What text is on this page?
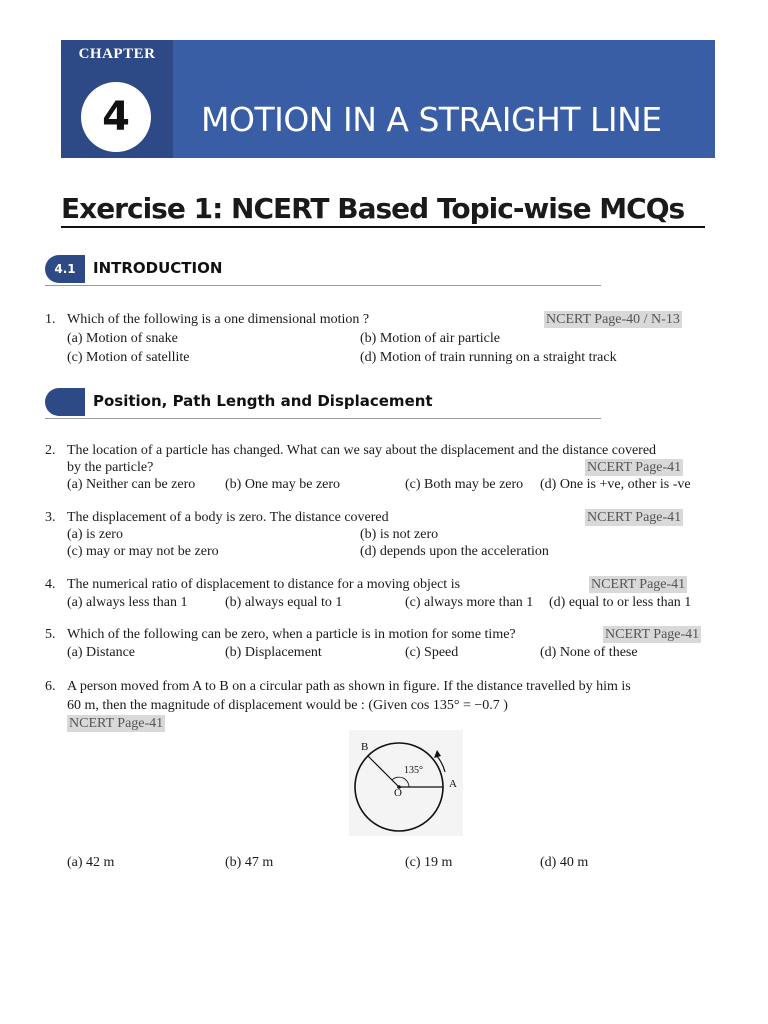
CHAPTER
4 MOTION IN A STRAIGHT LINE
Exercise 1: NCERT Based Topic-wise MCQs
4.1	INTRODUCTION
1. Which of the following is a one dimensional motion ?	NCERT Page-40 / N-13
(a) Motion of snake	(b) Motion of air particle
(c) Motion of satellite	(d) Motion of train running on a straight track
Position, Path Length and Displacement
2. The location of a particle has changed. What can we say about the displacement and the distance covered
by the particle?	NCERT Page-41
(a) Neither can be zero (b) One may be zero	(c) Both may be zero (d) One is +ve, other is -ve
3. The displacement of a body is zero. The distance covered	NCERT Page-41
(a) is zero	(b) is not zero
(c) may or may not be zero	(d) depends upon the acceleration
4. The numerical ratio of displacement to distance for a moving object is	NCERT Page-41
(a) always less than 1	(b) always equal to 1	(c) always more than 1 (d) equal to or less than 1
5. Which of the following can be zero, when a particle is in motion for some time?	NCERT Page-41
(a) Distance	(b) Displacement	(c) Speed	(d) None of these
6. A person moved from A to B on a circular path as shown in figure. If the distance travelled by him is
60 m, then the magnitude of displacement would be : (Given cos 135° = −0.7 )
NCERT Page-41
(a) 42 m	(b) 47 m	(c) 19 m	(d) 40 m
B
A
O
135°
